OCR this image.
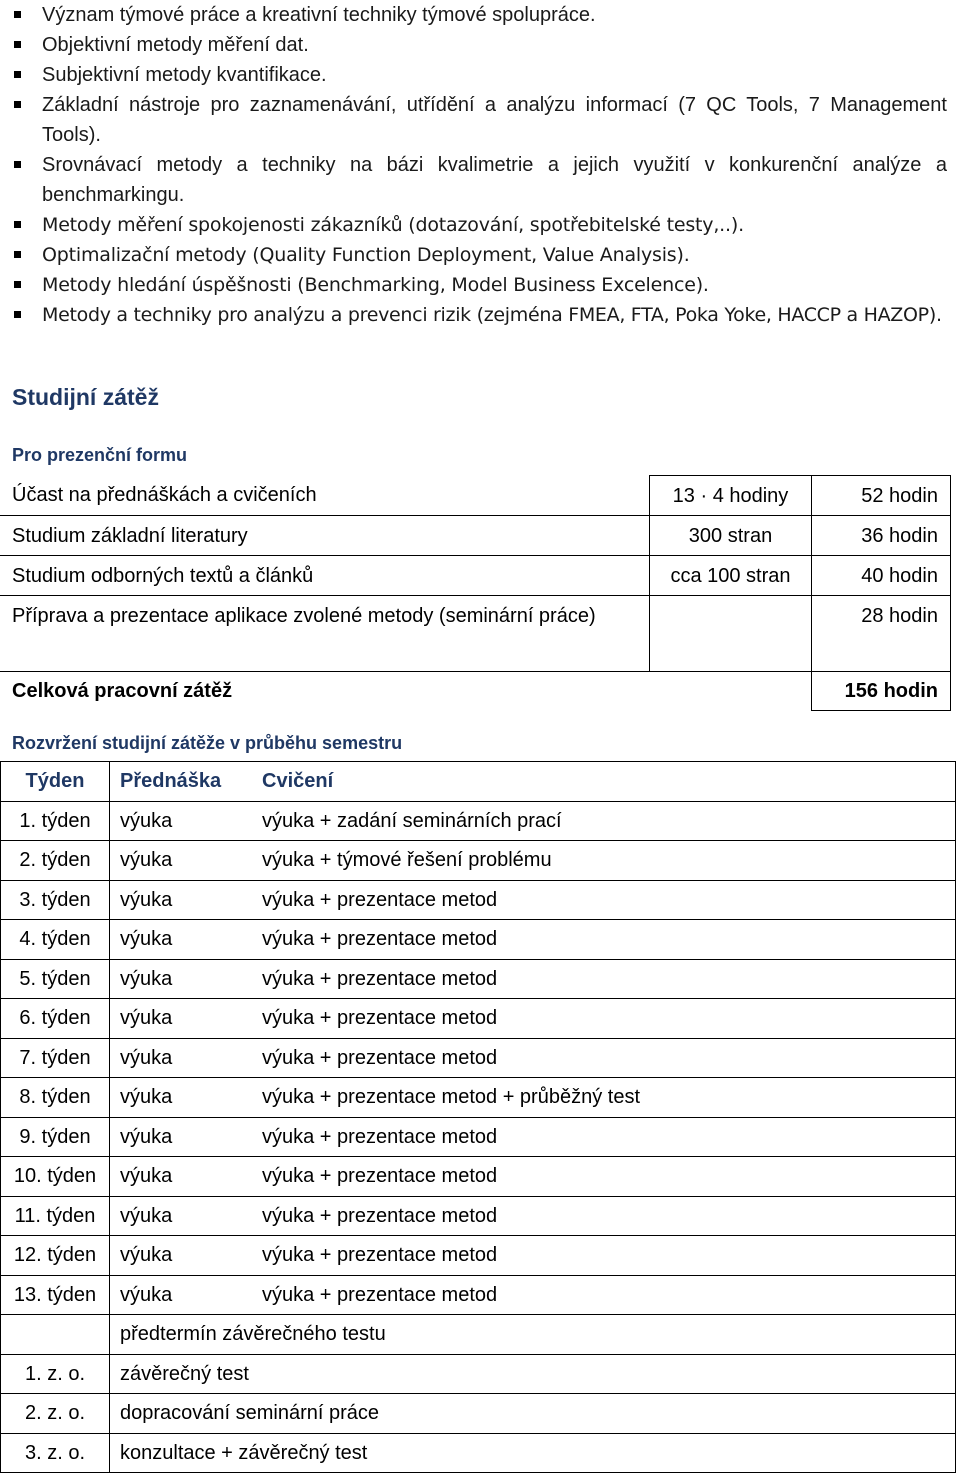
Význam týmové práce a kreativní techniky týmové spolupráce.
Objektivní metody měření dat.
Subjektivní metody kvantifikace.
Základní nástroje pro zaznamenávání, utřídění a analýzu informací (7 QC Tools, 7 Management Tools).
Srovnávací metody a techniky na bázi kvalimetrie a jejich využití v konkurenční analýze a benchmarkingu.
Metody měření spokojenosti zákazníků (dotazování, spotřebitelské testy,..).
Optimalizační metody (Quality Function Deployment, Value Analysis).
Metody hledání úspěšnosti (Benchmarking, Model Business Excelence).
Metody a techniky pro analýzu a prevenci rizik (zejména FMEA, FTA, Poka Yoke, HACCP a HAZOP).
Studijní zátěž
Pro prezenční formu
Účast na přednáškách a cvičeních	13 · 4 hodiny	52 hodin
Studium základní literatury	300 stran	36 hodin
Studium odborných textů a článků	cca 100 stran	40 hodin
Příprava a prezentace aplikace zvolené metody (seminární práce)		28 hodin
Celková pracovní zátěž		156 hodin
Rozvržení studijní zátěže v průběhu semestru
Týden	Přednáška	Cvičení
1. týden	výuka	výuka + zadání seminárních prací
2. týden	výuka	výuka + týmové řešení problému
3. týden	výuka	výuka + prezentace metod
4. týden	výuka	výuka + prezentace metod
5. týden	výuka	výuka + prezentace metod
6. týden	výuka	výuka + prezentace metod
7. týden	výuka	výuka + prezentace metod
8. týden	výuka	výuka + prezentace metod + průběžný test
9. týden	výuka	výuka + prezentace metod
10. týden	výuka	výuka + prezentace metod
11. týden	výuka	výuka + prezentace metod
12. týden	výuka	výuka + prezentace metod
13. týden	výuka	výuka + prezentace metod
	předtermín závěrečného testu	
1. z. o.	závěrečný test	
2. z. o.	dopracování seminární práce	
3. z. o.	konzultace + závěrečný test	
